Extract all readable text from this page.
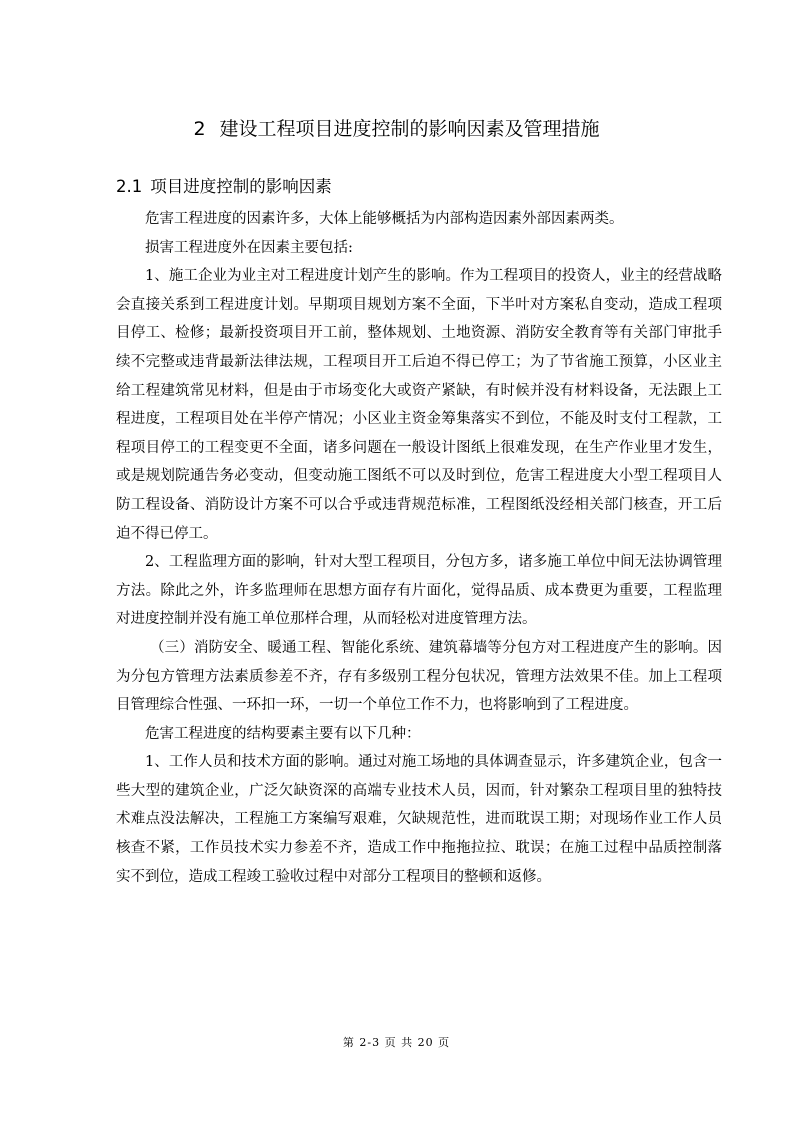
2 建设工程项目进度控制的影响因素及管理措施
2.1 项目进度控制的影响因素

危害工程进度的因素许多，大体上能够概括为内部构造因素外部因素两类。

损害工程进度外在因素主要包括:

1、施工企业为业主对工程进度计划产生的影响。作为工程项目的投资人，业主的经营战略会直接关系到工程进度计划。早期项目规划方案不全面，下半叶对方案私自变动，造成工程项目停工、检修；最新投资项目开工前，整体规划、土地资源、消防安全教育等有关部门审批手续不完整或违背最新法律法规，工程项目开工后迫不得已停工；为了节省施工预算，小区业主给工程建筑常见材料，但是由于市场变化大或资产紧缺，有时候并没有材料设备，无法跟上工程进度，工程项目处在半停产情况；小区业主资金筹集落实不到位，不能及时支付工程款，工程项目停工的工程变更不全面，诸多问题在一般设计图纸上很难发现，在生产作业里才发生，或是规划院通告务必变动，但变动施工图纸不可以及时到位，危害工程进度大小型工程项目人防工程设备、消防设计方案不可以合乎或违背规范标准，工程图纸没经相关部门核查，开工后迫不得已停工。

2、工程监理方面的影响，针对大型工程项目，分包方多，诸多施工单位中间无法协调管理方法。除此之外，许多监理师在思想方面存有片面化，觉得品质、成本费更为重要，工程监理对进度控制并没有施工单位那样合理，从而轻松对进度管理方法。

（三）消防安全、暖通工程、智能化系统、建筑幕墙等分包方对工程进度产生的影响。因为分包方管理方法素质参差不齐，存有多级别工程分包状况，管理方法效果不佳。加上工程项目管理综合性强、一环扣一环，一切一个单位工作不力，也将影响到了工程进度。

危害工程进度的结构要素主要有以下几种：

1、工作人员和技术方面的影响。通过对施工场地的具体调查显示，许多建筑企业，包含一些大型的建筑企业，广泛欠缺资深的高端专业技术人员，因而，针对繁杂工程项目里的独特技术难点没法解决，工程施工方案编写艰难，欠缺规范性，进而耽误工期；对现场作业工作人员核查不紧，工作员技术实力参差不齐，造成工作中拖拖拉拉、耽误；在施工过程中品质控制落实不到位，造成工程竣工验收过程中对部分工程项目的整顿和返修。

第 2-3 页 共 20 页
